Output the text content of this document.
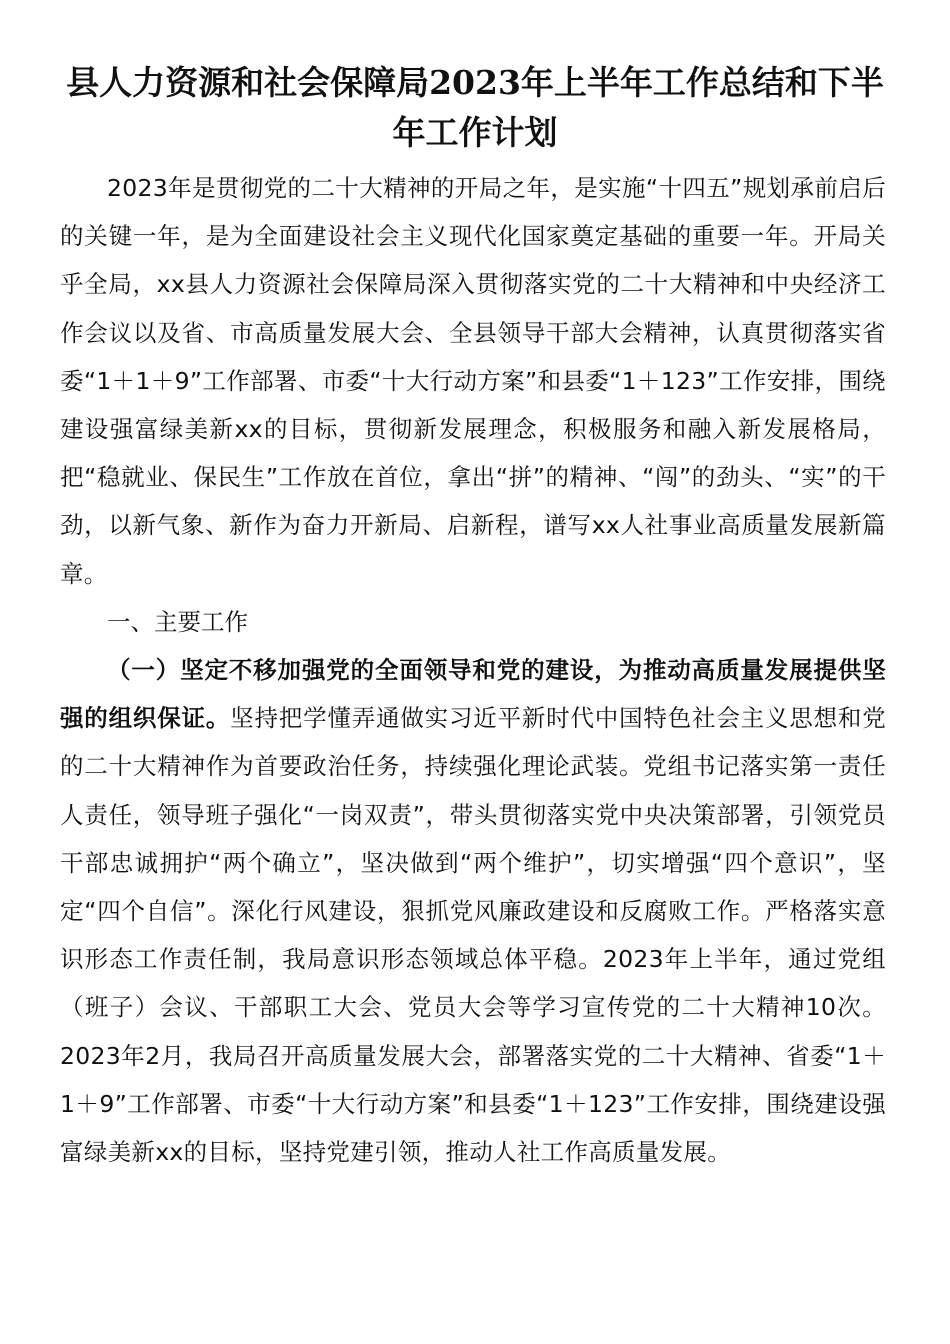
县人力资源和社会保障局2023年上半年工作总结和下半年工作计划

2023年是贯彻党的二十大精神的开局之年，是实施“十四五”规划承前启后的关键一年，是为全面建设社会主义现代化国家奠定基础的重要一年。开局关乎全局，xx县人力资源社会保障局深入贯彻落实党的二十大精神和中央经济工作会议以及省、市高质量发展大会、全县领导干部大会精神，认真贯彻落实省委“1＋1＋9”工作部署、市委“十大行动方案”和县委“1＋123”工作安排，围绕建设强富绿美新xx的目标，贯彻新发展理念，积极服务和融入新发展格局，把“稳就业、保民生”工作放在首位，拿出“拼”的精神、“闯”的劲头、“实”的干劲，以新气象、新作为奋力开新局、启新程，谱写xx人社事业高质量发展新篇章。

一、主要工作

（一）坚定不移加强党的全面领导和党的建设，为推动高质量发展提供坚强的组织保证。坚持把学懂弄通做实习近平新时代中国特色社会主义思想和党的二十大精神作为首要政治任务，持续强化理论武装。党组书记落实第一责任人责任，领导班子强化“一岗双责”，带头贯彻落实党中央决策部署，引领党员干部忠诚拥护“两个确立”，坚决做到“两个维护”，切实增强“四个意识”，坚定“四个自信”。深化行风建设，狠抓党风廉政建设和反腐败工作。严格落实意识形态工作责任制，我局意识形态领域总体平稳。2023年上半年，通过党组（班子）会议、干部职工大会、党员大会等学习宣传党的二十大精神10次。2023年2月，我局召开高质量发展大会，部署落实党的二十大精神、省委“1＋1＋9”工作部署、市委“十大行动方案”和县委“1＋123”工作安排，围绕建设强富绿美新xx的目标，坚持党建引领，推动人社工作高质量发展。
